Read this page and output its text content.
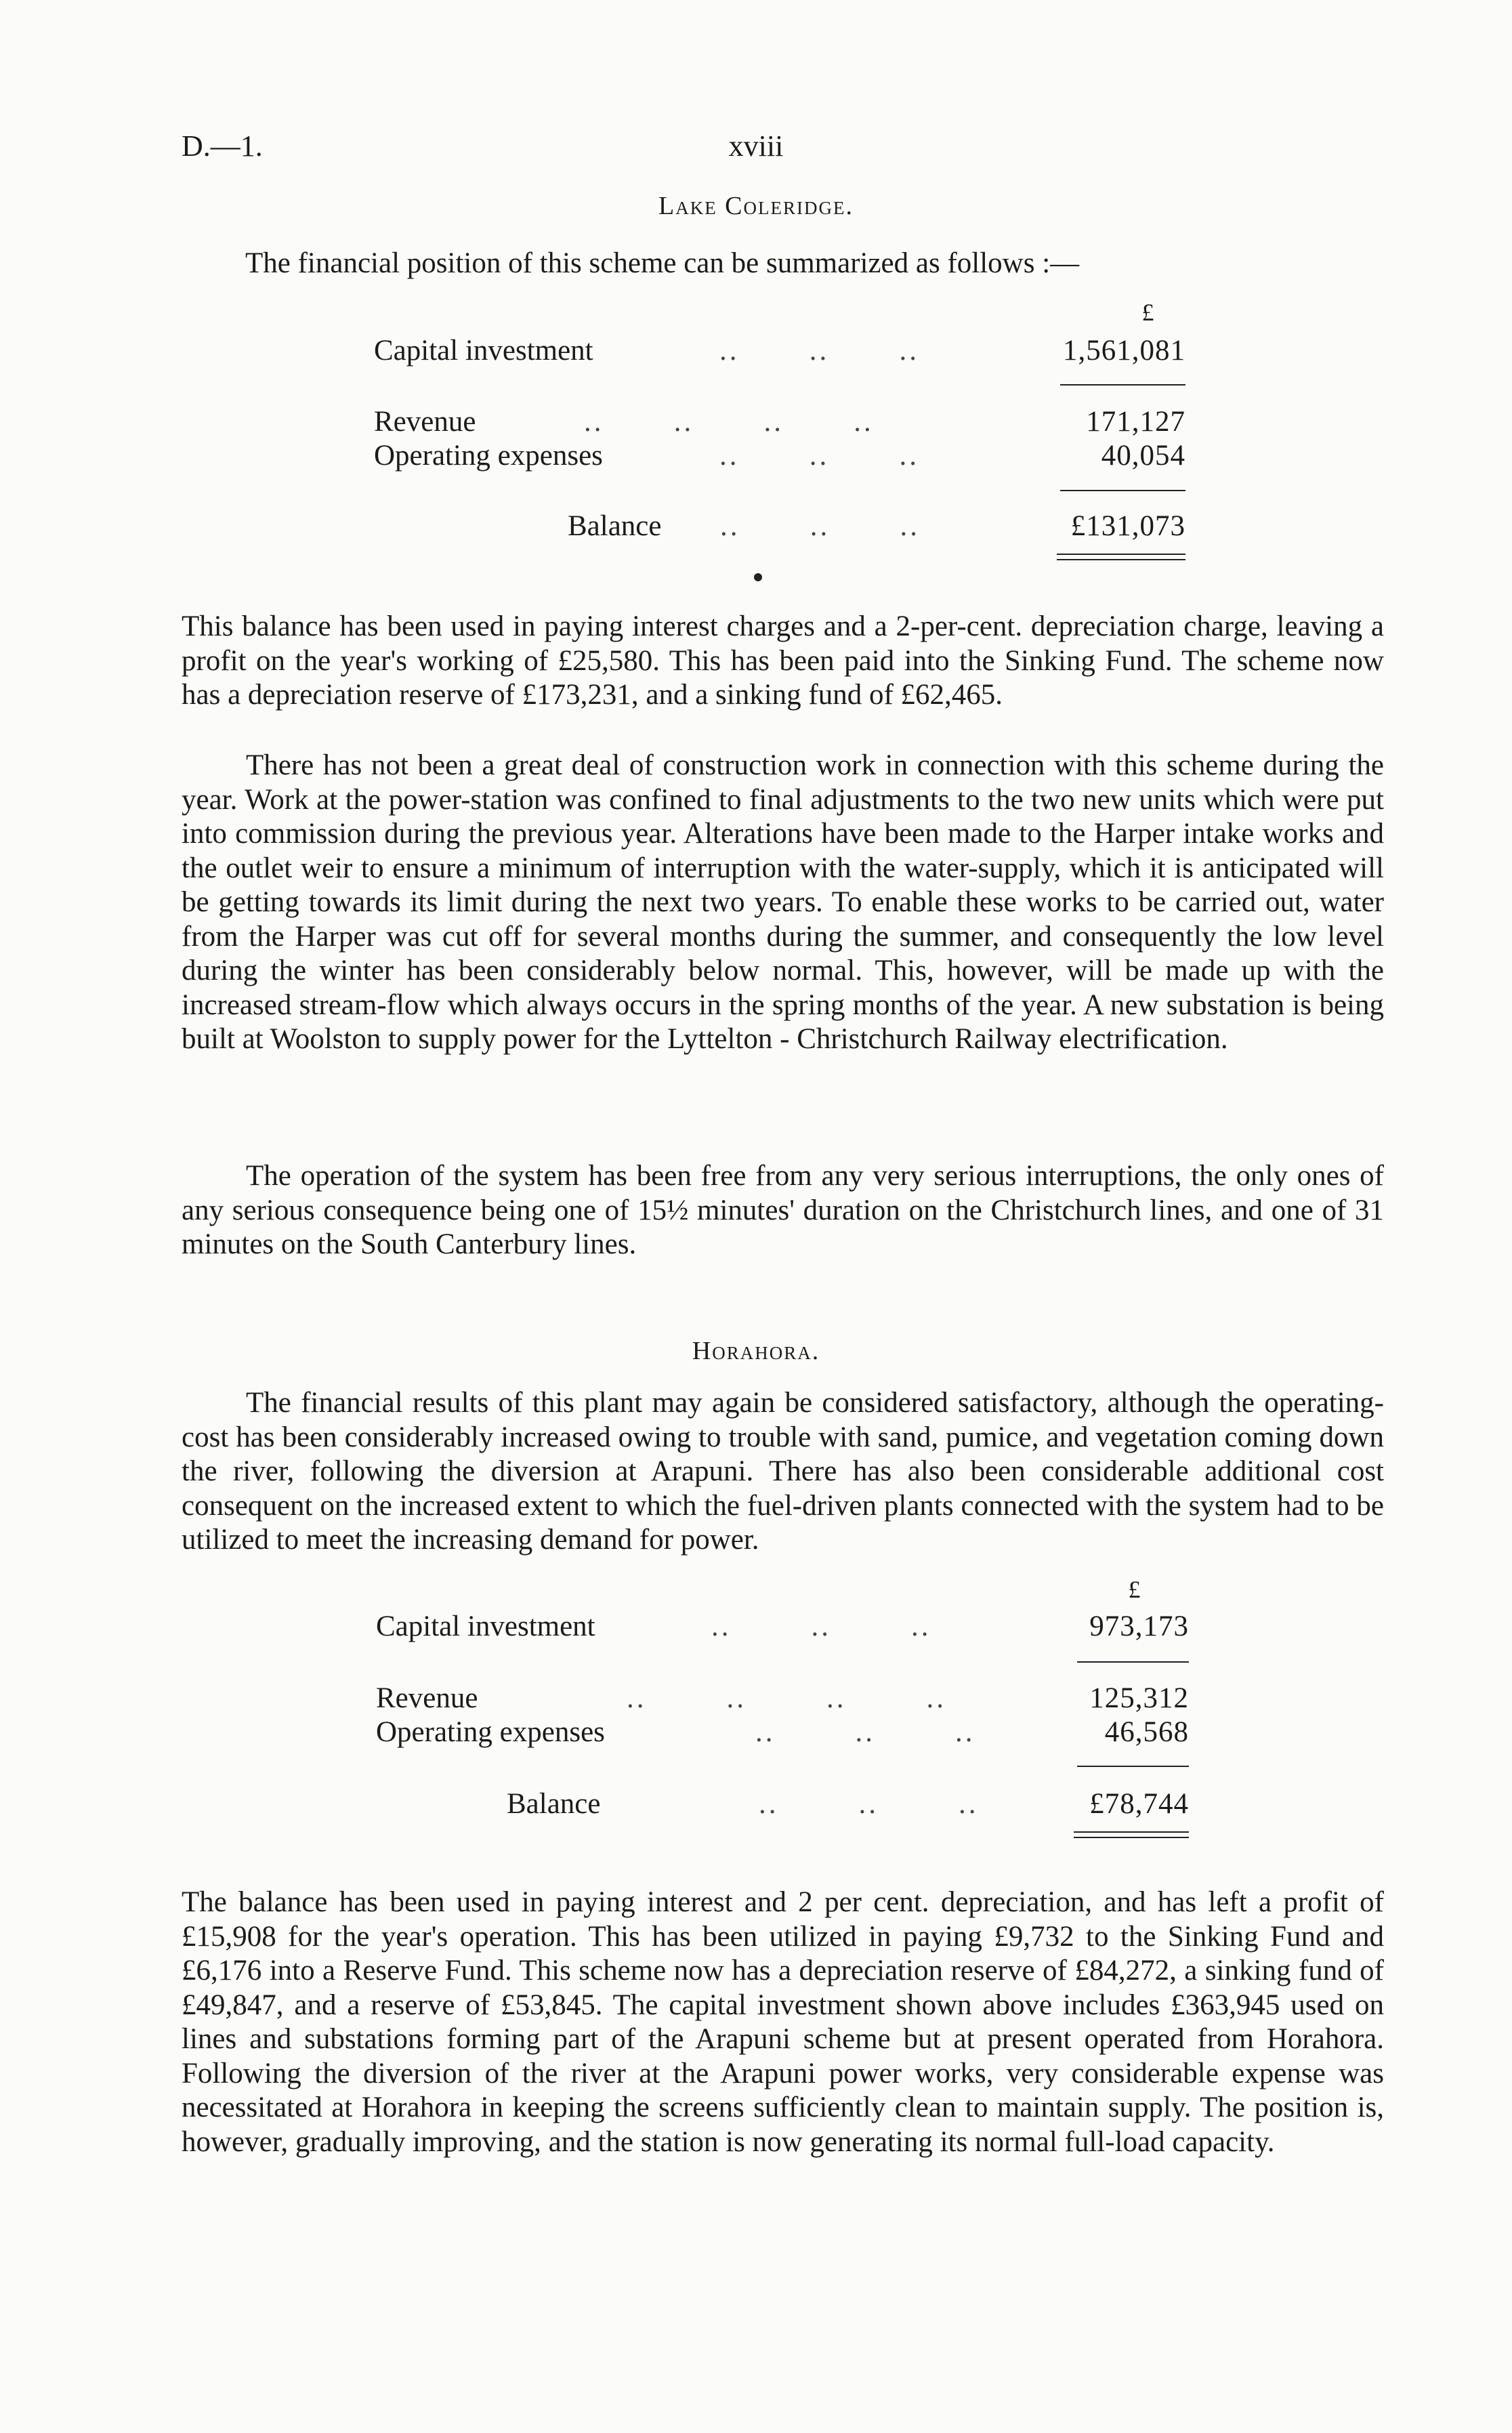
D.—1.	xviii
Lake Coleridge.
The financial position of this scheme can be summarized as follows :—
£
Capital investment	..       ..       ..	1,561,081
Revenue	..       ..       ..       ..	171,127
Operating expenses	..       ..       ..	40,054
Balance ..       ..       ..	£131,073
This balance has been used in paying interest charges and a 2-per-cent. depreciation charge, leaving a profit on the year's working of £25,580. This has been paid into the Sinking Fund. The scheme now has a depreciation reserve of £173,231, and a sinking fund of £62,465.
There has not been a great deal of construction work in connection with this scheme during the year. Work at the power-station was confined to final adjustments to the two new units which were put into commission during the previous year. Alterations have been made to the Harper intake works and the outlet weir to ensure a minimum of interruption with the water-supply, which it is anticipated will be getting towards its limit during the next two years. To enable these works to be carried out, water from the Harper was cut off for several months during the summer, and consequently the low level during the winter has been considerably below normal. This, however, will be made up with the increased stream-flow which always occurs in the spring months of the year. A new substation is being built at Woolston to supply power for the Lyttelton - Christchurch Railway electrification.
The operation of the system has been free from any very serious interruptions, the only ones of any serious consequence being one of 15½ minutes' duration on the Christchurch lines, and one of 31 minutes on the South Canterbury lines.
Horahora.
The financial results of this plant may again be considered satisfactory, although the operating-cost has been considerably increased owing to trouble with sand, pumice, and vegetation coming down the river, following the diversion at Arapuni. There has also been considerable additional cost consequent on the increased extent to which the fuel-driven plants connected with the system had to be utilized to meet the increasing demand for power.
£
Capital investment	..        ..        ..	973,173
Revenue	..        ..        ..        ..	125,312
Operating expenses	..        ..        ..	46,568
Balance	..        ..        ..	£78,744
The balance has been used in paying interest and 2 per cent. depreciation, and has left a profit of £15,908 for the year's operation. This has been utilized in paying £9,732 to the Sinking Fund and £6,176 into a Reserve Fund. This scheme now has a depreciation reserve of £84,272, a sinking fund of £49,847, and a reserve of £53,845. The capital investment shown above includes £363,945 used on lines and substations forming part of the Arapuni scheme but at present operated from Horahora. Following the diversion of the river at the Arapuni power works, very considerable expense was necessitated at Horahora in keeping the screens sufficiently clean to maintain supply. The position is, however, gradually improving, and the station is now generating its normal full-load capacity.
